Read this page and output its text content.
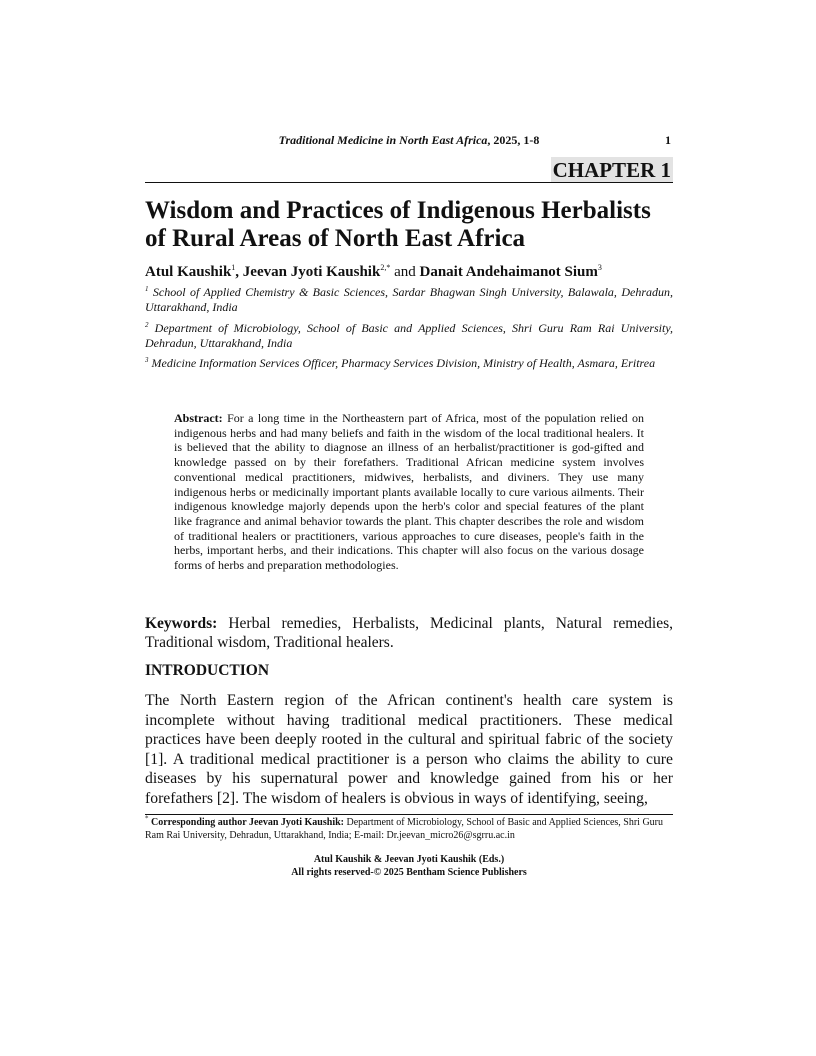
Traditional Medicine in North East Africa, 2025, 1-8	1
CHAPTER 1
Wisdom and Practices of Indigenous Herbalists of Rural Areas of North East Africa
Atul Kaushik$^1$, Jeevan Jyoti Kaushik$^{2,*}$ and Danait Andehaimanot Sium$^3$
$^1$ School of Applied Chemistry & Basic Sciences, Sardar Bhagwan Singh University, Balawala, Dehradun, Uttarakhand, India
$^2$ Department of Microbiology, School of Basic and Applied Sciences, Shri Guru Ram Rai University, Dehradun, Uttarakhand, India
$^3$ Medicine Information Services Officer, Pharmacy Services Division, Ministry of Health, Asmara, Eritrea
Abstract: For a long time in the Northeastern part of Africa, most of the population relied on indigenous herbs and had many beliefs and faith in the wisdom of the local traditional healers. It is believed that the ability to diagnose an illness of an herbalist/practitioner is god-gifted and knowledge passed on by their forefathers. Traditional African medicine system involves conventional medical practitioners, midwives, herbalists, and diviners. They use many indigenous herbs or medicinally important plants available locally to cure various ailments. Their indigenous knowledge majorly depends upon the herb's color and special features of the plant like fragrance and animal behavior towards the plant. This chapter describes the role and wisdom of traditional healers or practitioners, various approaches to cure diseases, people's faith in the herbs, important herbs, and their indications. This chapter will also focus on the various dosage forms of herbs and preparation methodologies.
Keywords: Herbal remedies, Herbalists, Medicinal plants, Natural remedies, Traditional wisdom, Traditional healers.
INTRODUCTION
The North Eastern region of the African continent's health care system is incomplete without having traditional medical practitioners. These medical practices have been deeply rooted in the cultural and spiritual fabric of the society [1]. A traditional medical practitioner is a person who claims the ability to cure diseases by his supernatural power and knowledge gained from his or her forefathers [2]. The wisdom of healers is obvious in ways of identifying, seeing,
* Corresponding author Jeevan Jyoti Kaushik: Department of Microbiology, School of Basic and Applied Sciences, Shri Guru Ram Rai University, Dehradun, Uttarakhand, India; E-mail: Dr.jeevan_micro26@sgrru.ac.in
Atul Kaushik & Jeevan Jyoti Kaushik (Eds.)
All rights reserved-© 2025 Bentham Science Publishers
